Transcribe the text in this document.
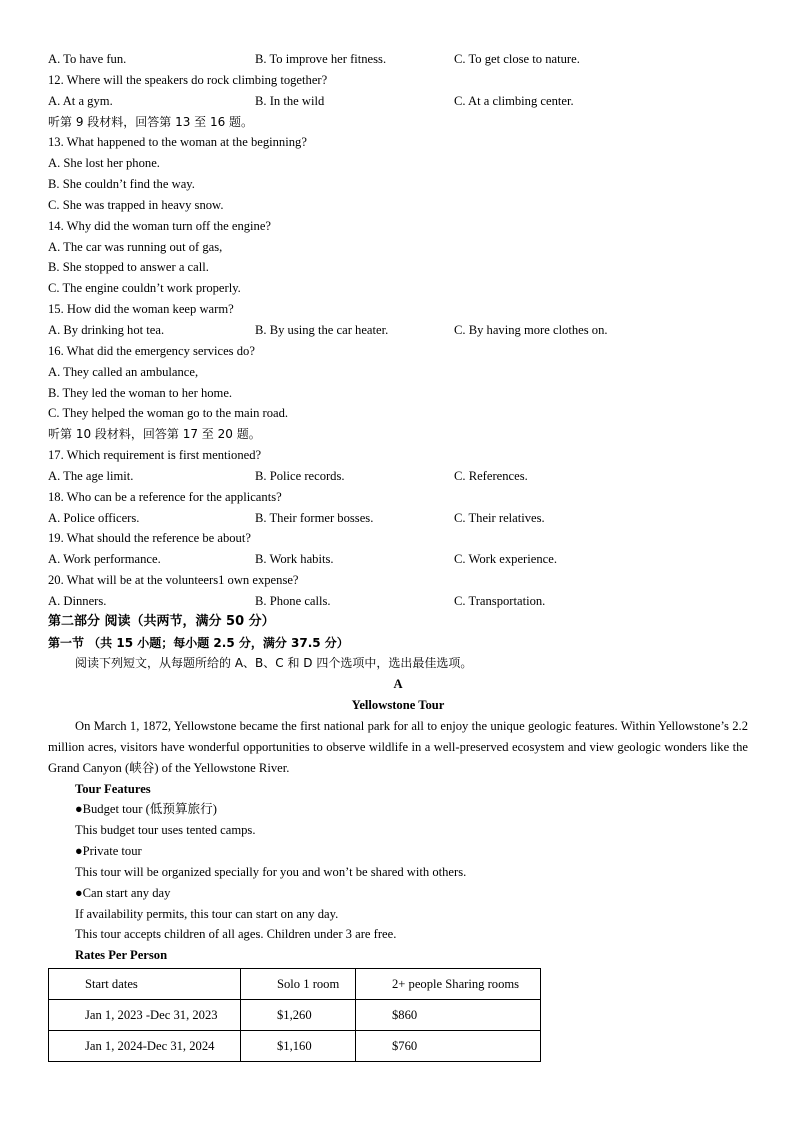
A. To have fun.	B. To improve her fitness.	C. To get close to nature.
12. Where will the speakers do rock climbing together?
A. At a gym.	B. In the wild	C. At a climbing center.
听第 9 段材料，回答第 13 至 16 题。
13. What happened to the woman at the beginning?
A. She lost her phone.
B. She couldn’t find the way.
C. She was trapped in heavy snow.
14. Why did the woman turn off the engine?
A. The car was running out of gas,
B. She stopped to answer a call.
C. The engine couldn’t work properly.
15. How did the woman keep warm?
A. By drinking hot tea.	B. By using the car heater.	C. By having more clothes on.
16. What did the emergency services do?
A. They called an ambulance,
B. They led the woman to her home.
C. They helped the woman go to the main road.
听第 10 段材料，回答第 17 至 20 题。
17. Which requirement is first mentioned?
A. The age limit.	B. Police records.	C. References.
18. Who can be a reference for the applicants?
A. Police officers.	B. Their former bosses.	C. Their relatives.
19. What should the reference be about?
A. Work performance.	B. Work habits.	C. Work experience.
20. What will be at the volunteers1 own expense?
A. Dinners.	B. Phone calls.	C. Transportation.
第二部分 阅读（共两节，满分 50 分）
第一节 （共 15 小题；每小题 2.5 分，满分 37.5 分）
阅读下列短文，从每题所给的 A、B、C 和 D 四个选项中，选出最佳选项。
A
Yellowstone Tour
On March 1, 1872, Yellowstone became the first national park for all to enjoy the unique geologic features. Within Yellowstone’s 2.2 million acres, visitors have wonderful opportunities to observe wildlife in a well-preserved ecosystem and view geologic wonders like the Grand Canyon (峡谷) of the Yellowstone River.
Tour Features
●Budget tour (低预算旅行)
This budget tour uses tented camps.
●Private tour
This tour will be organized specially for you and won’t be shared with others.
●Can start any day
If availability permits, this tour can start on any day.
This tour accepts children of all ages. Children under 3 are free.
Rates Per Person
Start dates	Solo 1 room	2+ people Sharing rooms
Jan 1, 2023 -Dec 31, 2023	$1,260	$860
Jan 1, 2024-Dec 31, 2024	$1,160	$760
